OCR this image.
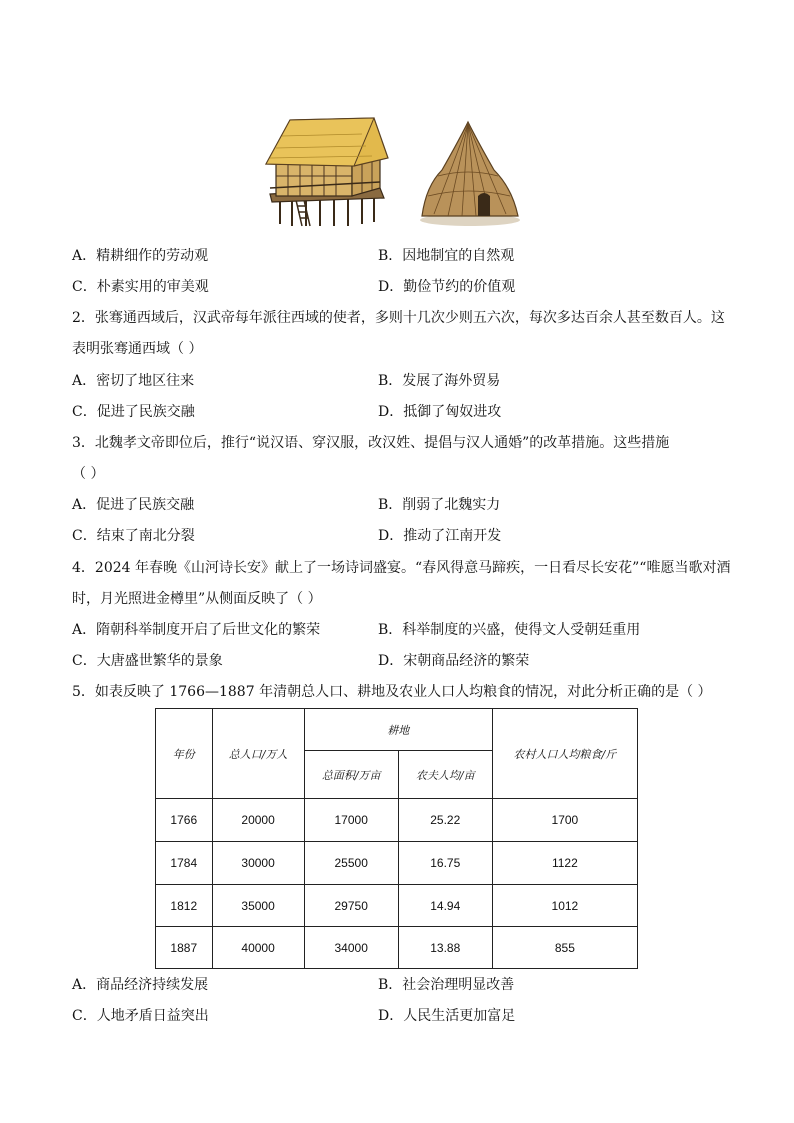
A．精耕细作的劳动观	B．因地制宜的自然观
C．朴素实用的审美观	D．勤俭节约的价值观
2．张骞通西域后，汉武帝每年派往西域的使者，多则十几次少则五六次，每次多达百余人甚至数百人。这
表明张骞通西域（ ）
A．密切了地区往来	B．发展了海外贸易
C．促进了民族交融	D．抵御了匈奴进攻
3．北魏孝文帝即位后，推行“说汉语、穿汉服，改汉姓、提倡与汉人通婚”的改革措施。这些措施
（ ）
A．促进了民族交融	B．削弱了北魏实力
C．结束了南北分裂	D．推动了江南开发
4．2024 年春晚《山河诗长安》献上了一场诗词盛宴。“春风得意马蹄疾，一日看尽长安花”“唯愿当歌对酒
时，月光照进金樽里”从侧面反映了（ ）
A．隋朝科举制度开启了后世文化的繁荣	B．科举制度的兴盛，使得文人受朝廷重用
C．大唐盛世繁华的景象	D．宋朝商品经济的繁荣
5．如表反映了 1766—1887 年清朝总人口、耕地及农业人口人均粮食的情况，对此分析正确的是（ ）
年份	总人口/万人	耕地		农村人口人均粮食/斤
		总面积/万亩	农夫人均/亩	
1766	20000	17000	25.22	1700
1784	30000	25500	16.75	1122
1812	35000	29750	14.94	1012
1887	40000	34000	13.88	855
A．商品经济持续发展	B．社会治理明显改善
C．人地矛盾日益突出	D．人民生活更加富足
